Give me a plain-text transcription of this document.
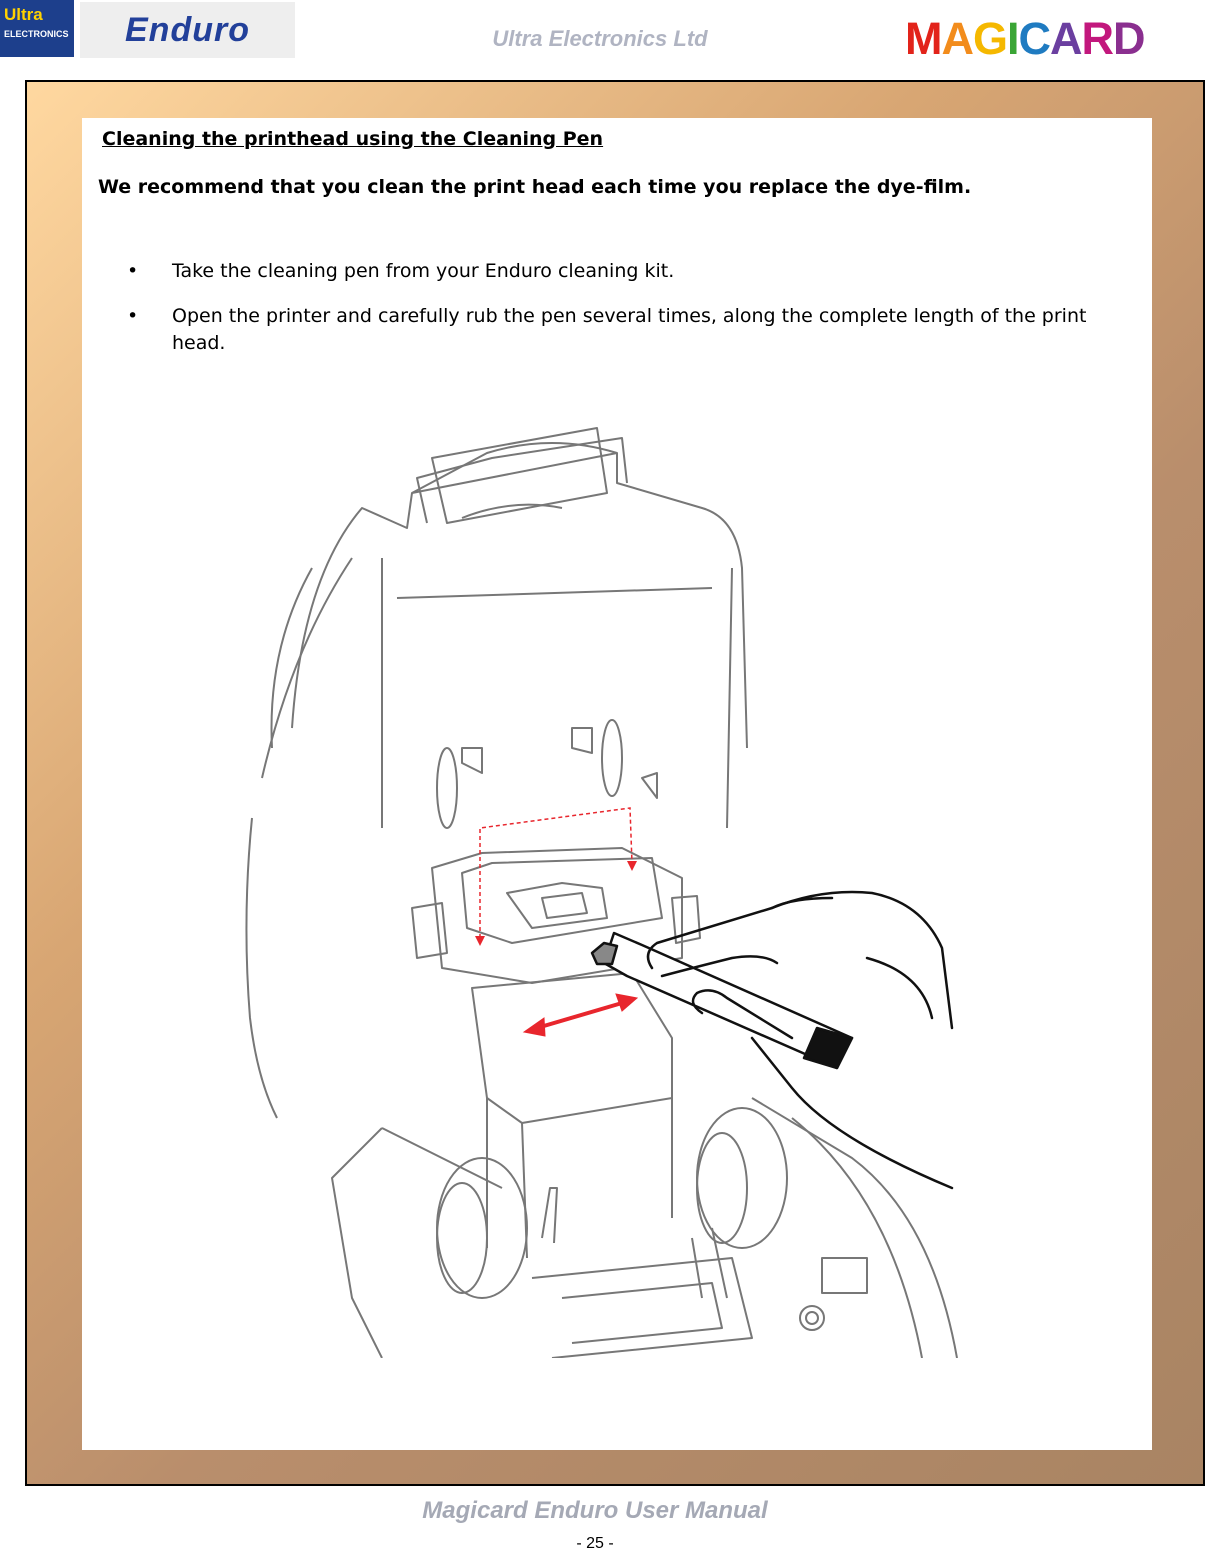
Ultra
ELECTRONICS Enduro	Ultra Electronics Ltd	MAGICARD
Cleaning the printhead using the Cleaning Pen
We recommend that you clean the print head each time you replace the dye-film.
• Take the cleaning pen from your Enduro cleaning kit.
• Open the printer and carefully rub the pen several times, along the complete length of the print head.
Magicard Enduro User Manual
- 25 -
